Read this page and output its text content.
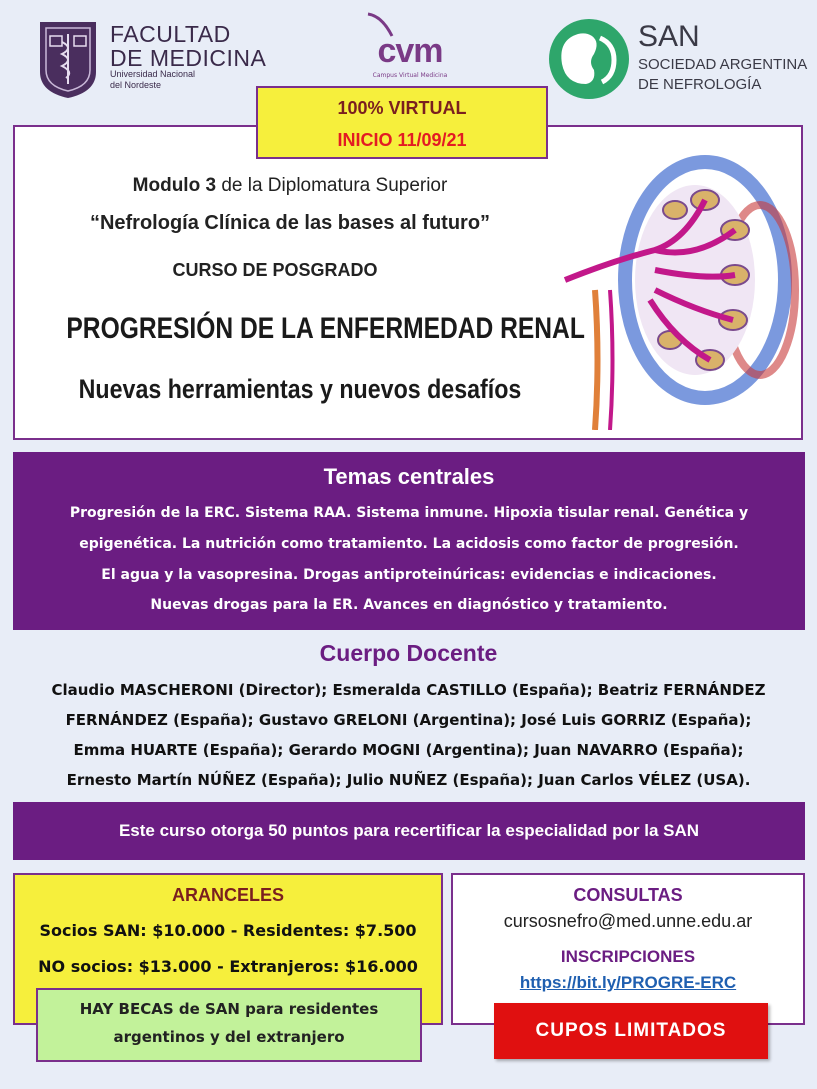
FACULTAD
DE MEDICINA
Universidad Nacional
del Nordeste
cvm
Campus Virtual Medicina
SAN
SOCIEDAD ARGENTINA
DE NEFROLOGÍA
100% VIRTUAL
INICIO 11/09/21
Modulo 3 de la Diplomatura Superior
“Nefrología Clínica de las bases al futuro”
CURSO DE POSGRADO
PROGRESIÓN DE LA ENFERMEDAD RENAL
Nuevas herramientas y nuevos desafíos
Temas centrales
Progresión de la ERC. Sistema RAA. Sistema inmune. Hipoxia tisular renal. Genética y
epigenética. La nutrición como tratamiento. La acidosis como factor de progresión.
El agua y la vasopresina. Drogas antiproteinúricas: evidencias e indicaciones.
Nuevas drogas para la ER. Avances en diagnóstico y tratamiento.
Cuerpo Docente
Claudio MASCHERONI (Director); Esmeralda CASTILLO (España); Beatriz FERNÁNDEZ
FERNÁNDEZ (España); Gustavo GRELONI (Argentina); José Luis GORRIZ (España);
Emma HUARTE (España); Gerardo MOGNI (Argentina); Juan NAVARRO (España);
Ernesto Martín NÚÑEZ (España); Julio NUÑEZ (España); Juan Carlos VÉLEZ (USA).
Este curso otorga 50 puntos para recertificar la especialidad por la SAN
ARANCELES
Socios SAN: $10.000 - Residentes: $7.500
NO socios: $13.000 - Extranjeros: $16.000
HAY BECAS de SAN para residentes
argentinos y del extranjero
CONSULTAS
cursosnefro@med.unne.edu.ar
INSCRIPCIONES
https://bit.ly/PROGRE-ERC
CUPOS LIMITADOS
